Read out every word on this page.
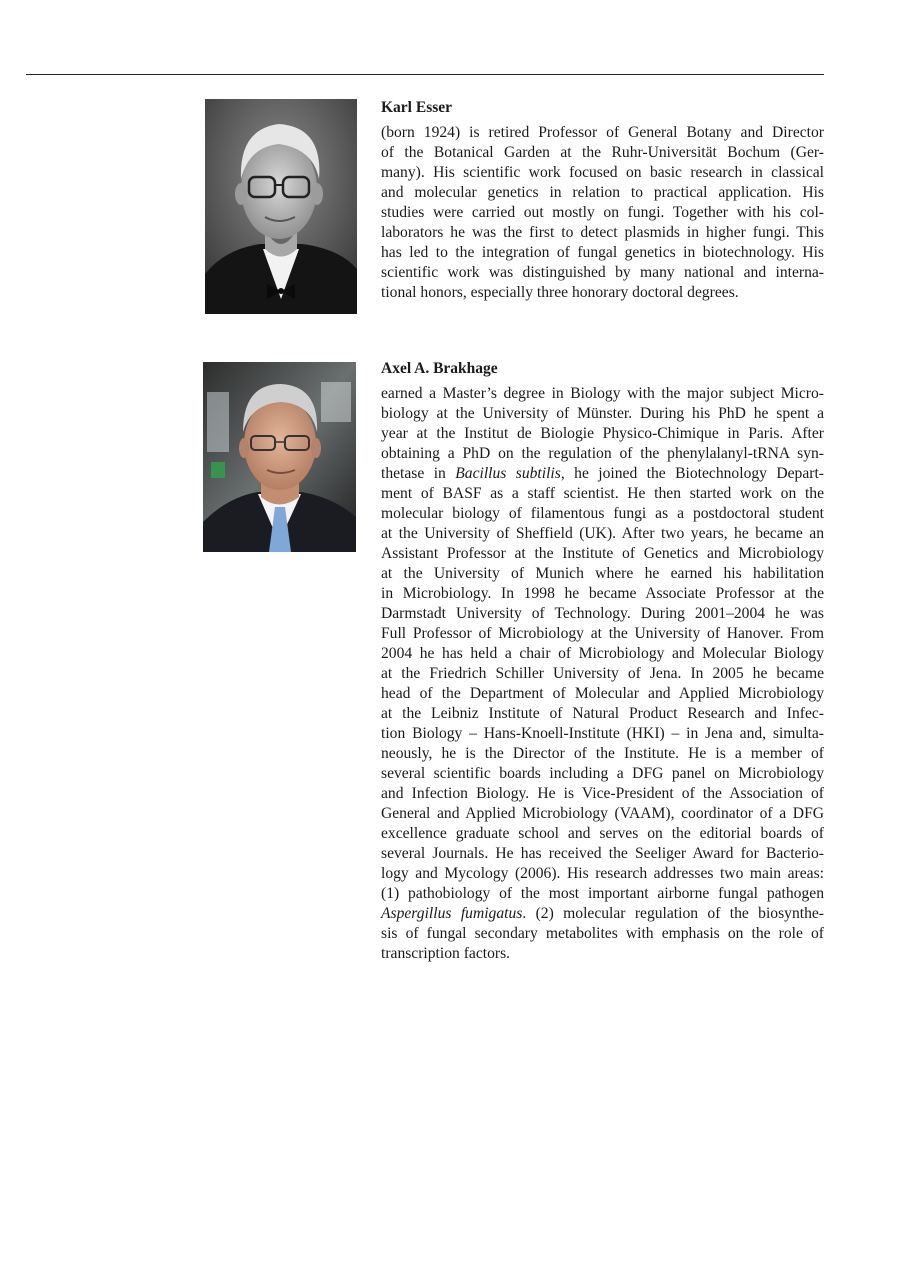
Karl Esser
(born 1924) is retired Professor of General Botany and Director
of the Botanical Garden at the Ruhr-Universität Bochum (Ger-
many). His scientific work focused on basic research in classical
and molecular genetics in relation to practical application. His
studies were carried out mostly on fungi. Together with his col-
laborators he was the first to detect plasmids in higher fungi. This
has led to the integration of fungal genetics in biotechnology. His
scientific work was distinguished by many national and interna-
tional honors, especially three honorary doctoral degrees.
Axel A. Brakhage
earned a Master’s degree in Biology with the major subject Micro-
biology at the University of Münster. During his PhD he spent a
year at the Institut de Biologie Physico-Chimique in Paris. After
obtaining a PhD on the regulation of the phenylalanyl-tRNA syn-
thetase in Bacillus subtilis, he joined the Biotechnology Depart-
ment of BASF as a staff scientist. He then started work on the
molecular biology of filamentous fungi as a postdoctoral student
at the University of Sheffield (UK). After two years, he became an
Assistant Professor at the Institute of Genetics and Microbiology
at the University of Munich where he earned his habilitation
in Microbiology. In 1998 he became Associate Professor at the
Darmstadt University of Technology. During 2001–2004 he was
Full Professor of Microbiology at the University of Hanover. From
2004 he has held a chair of Microbiology and Molecular Biology
at the Friedrich Schiller University of Jena. In 2005 he became
head of the Department of Molecular and Applied Microbiology
at the Leibniz Institute of Natural Product Research and Infec-
tion Biology – Hans-Knoell-Institute (HKI) – in Jena and, simulta-
neously, he is the Director of the Institute. He is a member of
several scientific boards including a DFG panel on Microbiology
and Infection Biology. He is Vice-President of the Association of
General and Applied Microbiology (VAAM), coordinator of a DFG
excellence graduate school and serves on the editorial boards of
several Journals. He has received the Seeliger Award for Bacterio-
logy and Mycology (2006). His research addresses two main areas:
(1) pathobiology of the most important airborne fungal pathogen
Aspergillus fumigatus. (2) molecular regulation of the biosynthe-
sis of fungal secondary metabolites with emphasis on the role of
transcription factors.
